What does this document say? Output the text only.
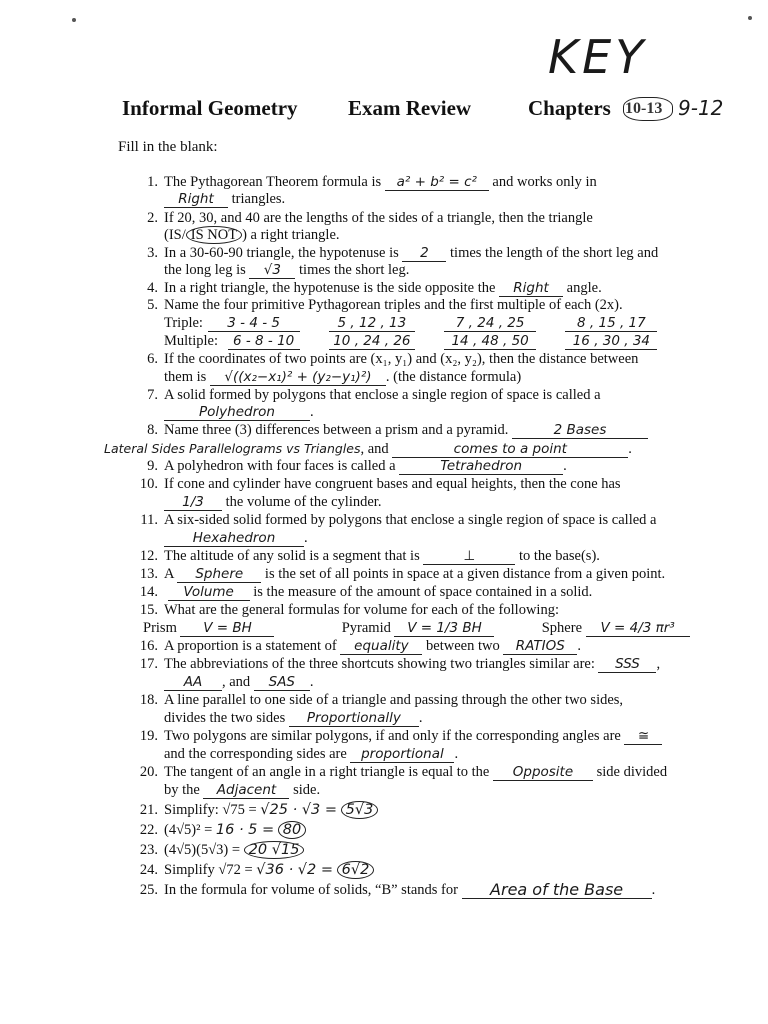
KEY
Informal Geometry Exam Review	Chapters 10-13 9-12
Fill in the blank:
1. The Pythagorean Theorem formula is a² + b² = c² and works only in
Right triangles.
2. If 20, 30, and 40 are the lengths of the sides of a triangle, then the triangle
(IS/ IS NOT ) a right triangle.
3. In a 30-60-90 triangle, the hypotenuse is 2 times the length of the short leg and
the long leg is √3 times the short leg.
4. In a right triangle, the hypotenuse is the side opposite the Right angle.
5. Name the four primitive Pythagorean triples and the first multiple of each (2x).
Triple: 3 - 4 - 5	5 , 12 , 13	7 , 24 , 25	8 , 15 , 17
Multiple: 6 - 8 - 10	10 , 24 , 26	14 , 48 , 50	16 , 30 , 34
6. If the coordinates of two points are (x₁, y₁) and (x₂, y₂), then the distance between
them is √((x₂−x₁)² + (y₂−y₁)²) . (the distance formula)
7. A solid formed by polygons that enclose a single region of space is called a
Polyhedron .
8. Name three (3) differences between a prism and a pyramid.	2 Bases
Lateral Sides Parallelograms vs Triangles, and	comes to a point	.
9. A polyhedron with four faces is called a	Tetrahedron	.
10. If cone and cylinder have congruent bases and equal heights, then the cone has
1/3 the volume of the cylinder.
11. A six-sided solid formed by polygons that enclose a single region of space is called a
Hexahedron .
12. The altitude of any solid is a segment that is	⊥	to the base(s).
13. A Sphere is the set of all points in space at a given distance from a given point.
14. Volume is the measure of the amount of space contained in a solid.
15. What are the general formulas for volume for each of the following:
Prism V = BH	Pyramid V = 1/3 BH	Sphere V = 4/3 πr³
16. A proportion is a statement of equality between two RATIOS .
17. The abbreviations of the three shortcuts showing two triangles similar are: SSS ,
AA , and SAS .
18. A line parallel to one side of a triangle and passing through the other two sides,
divides the two sides Proportionally .
19. Two polygons are similar polygons, if and only if the corresponding angles are ≅
and the corresponding sides are proportional .
20. The tangent of an angle in a right triangle is equal to the Opposite side divided
by the Adjacent side.
21. Simplify: √75 = √25 · √3 = 5√3
22. (4√5)² = 16 · 5 = 80
23. (4√5)(5√3) = 20 √15
24. Simplify √72 = √36 · √2 = 6√2
25. In the formula for volume of solids, “B” stands for Area of the Base .
